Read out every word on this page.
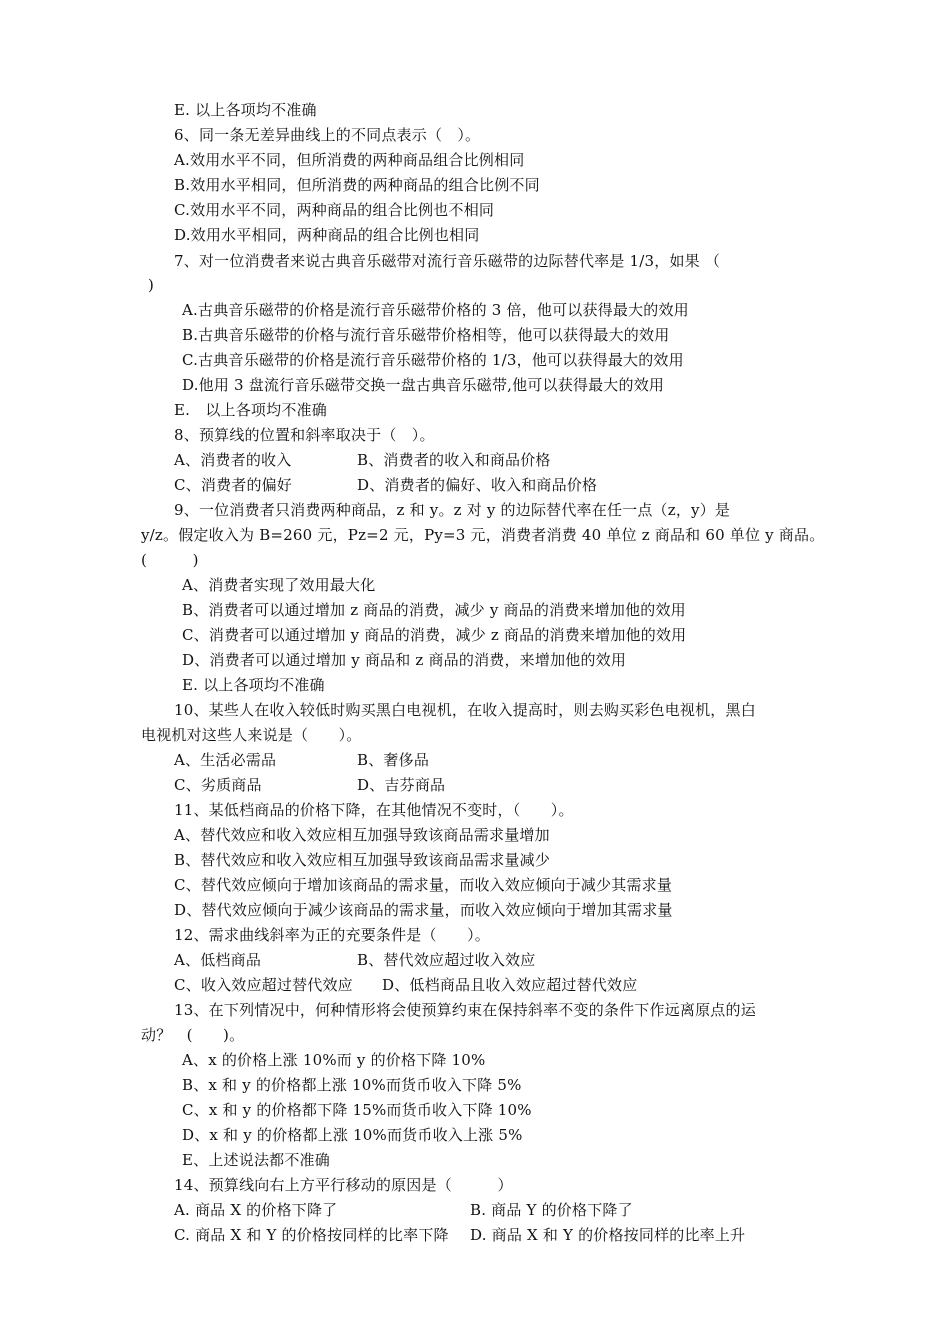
E. 以上各项均不准确
6、同一条无差异曲线上的不同点表示（　）。
A.效用水平不同，但所消费的两种商品组合比例相同
B.效用水平相同，但所消费的两种商品的组合比例不同
C.效用水平不同，两种商品的组合比例也不相同
D.效用水平相同，两种商品的组合比例也相同
7、对一位消费者来说古典音乐磁带对流行音乐磁带的边际替代率是 1/3，如果 （
)
A.古典音乐磁带的价格是流行音乐磁带价格的 3 倍，他可以获得最大的效用
B.古典音乐磁带的价格与流行音乐磁带价格相等，他可以获得最大的效用
C.古典音乐磁带的价格是流行音乐磁带价格的 1/3，他可以获得最大的效用
D.他用 3 盘流行音乐磁带交换一盘古典音乐磁带,他可以获得最大的效用
E.　以上各项均不准确
8、预算线的位置和斜率取决于（　）。
A、消费者的收入	B、消费者的收入和商品价格
C、消费者的偏好	D、消费者的偏好、收入和商品价格
9、一位消费者只消费两种商品，z 和 y。z 对 y 的边际替代率在任一点（z，y）是
y/z。假定收入为 B=260 元，Pz=2 元，Py=3 元，消费者消费 40 单位 z 商品和 60 单位 y 商品。
(　　　)
A、消费者实现了效用最大化
B、消费者可以通过增加 z 商品的消费，减少 y 商品的消费来增加他的效用
C、消费者可以通过增加 y 商品的消费，减少 z 商品的消费来增加他的效用
D、消费者可以通过增加 y 商品和 z 商品的消费，来增加他的效用
E. 以上各项均不准确
10、某些人在收入较低时购买黑白电视机，在收入提高时，则去购买彩色电视机，黑白
电视机对这些人来说是（　　）。
A、生活必需品	B、奢侈品
C、劣质商品	D、吉芬商品
11、某低档商品的价格下降，在其他情况不变时，（　　）。
A、替代效应和收入效应相互加强导致该商品需求量增加
B、替代效应和收入效应相互加强导致该商品需求量减少
C、替代效应倾向于增加该商品的需求量，而收入效应倾向于减少其需求量
D、替代效应倾向于减少该商品的需求量，而收入效应倾向于增加其需求量
12、需求曲线斜率为正的充要条件是（　　）。
A、低档商品	B、替代效应超过收入效应
C、收入效应超过替代效应 D、低档商品且收入效应超过替代效应
13、在下列情况中，何种情形将会使预算约束在保持斜率不变的条件下作远离原点的运
动？　(　　)。
A、x 的价格上涨 10%而 y 的价格下降 10%
B、x 和 y 的价格都上涨 10%而货币收入下降 5%
C、x 和 y 的价格都下降 15%而货币收入下降 10%
D、x 和 y 的价格都上涨 10%而货币收入上涨 5%
E、上述说法都不准确
14、预算线向右上方平行移动的原因是（　　　）
A. 商品 X 的价格下降了	B. 商品 Y 的价格下降了
C. 商品 X 和 Y 的价格按同样的比率下降 D. 商品 X 和 Y 的价格按同样的比率上升
